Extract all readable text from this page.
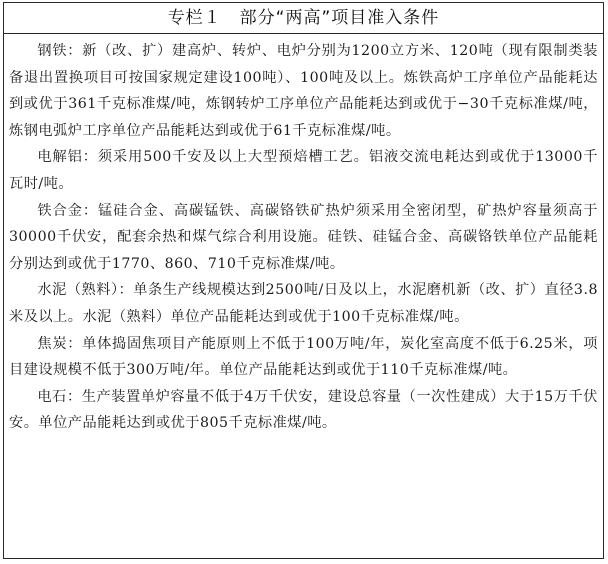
专栏１　部分“两高”项目准入条件

钢铁：新（改、扩）建高炉、转炉、电炉分别为1200立方米、120吨（现有限制类装备退出置换项目可按国家规定建设100吨）、100吨及以上。炼铁高炉工序单位产品能耗达到或优于361千克标准煤/吨，炼钢转炉工序单位产品能耗达到或优于−30千克标准煤/吨，炼钢电弧炉工序单位产品能耗达到或优于61千克标准煤/吨。

电解铝：须采用500千安及以上大型预焙槽工艺。铝液交流电耗达到或优于13000千瓦时/吨。

铁合金：锰硅合金、高碳锰铁、高碳铬铁矿热炉须采用全密闭型，矿热炉容量须高于30000千伏安，配套余热和煤气综合利用设施。硅铁、硅锰合金、高碳铬铁单位产品能耗分别达到或优于1770、860、710千克标准煤/吨。

水泥（熟料）：单条生产线规模达到2500吨/日及以上，水泥磨机新（改、扩）直径3.8米及以上。水泥（熟料）单位产品能耗达到或优于100千克标准煤/吨。

焦炭：单体捣固焦项目产能原则上不低于100万吨/年，炭化室高度不低于6.25米，项目建设规模不低于300万吨/年。单位产品能耗达到或优于110千克标准煤/吨。

电石：生产装置单炉容量不低于4万千伏安，建设总容量（一次性建成）大于15万千伏安。单位产品能耗达到或优于805千克标准煤/吨。
